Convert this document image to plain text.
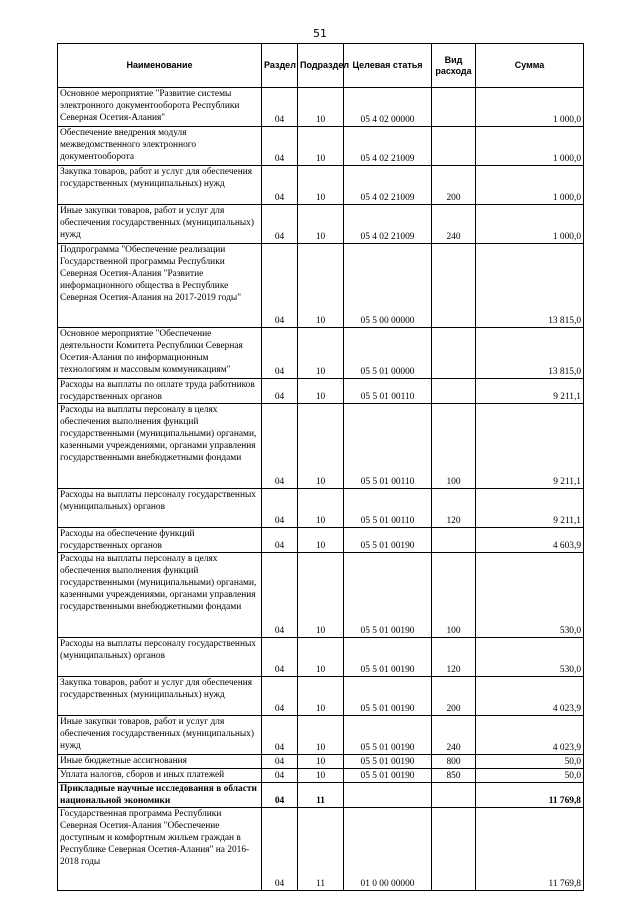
51
Наименование	Раздел	Подраздел	Целевая статья	Вид расхода	Сумма
Основное мероприятие "Развитие системы электронного документооборота Республики Северная Осетия-Алания"	04	10	05 4 02 00000		1 000,0
Обеспечение внедрения модуля межведомственного электронного документооборота	04	10	05 4 02 21009		1 000,0
Закупка товаров, работ и услуг для обеспечения государственных (муниципальных) нужд	04	10	05 4 02 21009	200	1 000,0
Иные закупки товаров, работ и услуг для обеспечения государственных (муниципальных) нужд	04	10	05 4 02 21009	240	1 000,0
Подпрограмма "Обеспечение реализации Государственной программы Республики Северная Осетия-Алания "Развитие информационного общества в Республике Северная Осетия-Алания на 2017-2019 годы"	04	10	05 5 00 00000		13 815,0
Основное мероприятие "Обеспечение деятельности Комитета Республики Северная Осетия-Алания по информационным технологиям и массовым коммуникациям"	04	10	05 5 01 00000		13 815,0
Расходы на выплаты по оплате труда работников государственных органов	04	10	05 5 01 00110		9 211,1
Расходы на выплаты персоналу в целях обеспечения выполнения функций государственными (муниципальными) органами, казенными учреждениями, органами управления государственными внебюджетными фондами	04	10	05 5 01 00110	100	9 211,1
Расходы на выплаты персоналу государственных (муниципальных) органов	04	10	05 5 01 00110	120	9 211,1
Расходы на обеспечение функций государственных органов	04	10	05 5 01 00190		4 603,9
Расходы на выплаты персоналу в целях обеспечения выполнения функций государственными (муниципальными) органами, казенными учреждениями, органами управления государственными внебюджетными фондами	04	10	05 5 01 00190	100	530,0
Расходы на выплаты персоналу государственных (муниципальных) органов	04	10	05 5 01 00190	120	530,0
Закупка товаров, работ и услуг для обеспечения государственных (муниципальных) нужд	04	10	05 5 01 00190	200	4 023,9
Иные закупки товаров, работ и услуг для обеспечения государственных (муниципальных) нужд	04	10	05 5 01 00190	240	4 023,9
Иные бюджетные ассигнования	04	10	05 5 01 00190	800	50,0
Уплата налогов, сборов и иных платежей	04	10	05 5 01 00190	850	50,0
Прикладные научные исследования в области национальной экономики	04	11			11 769,8
Государственная программа Республики Северная Осетия-Алания "Обеспечение доступным и комфортным жильем граждан в Республике Северная Осетия-Алания" на 2016-2018 годы	04	11	01 0 00 00000		11 769,8
